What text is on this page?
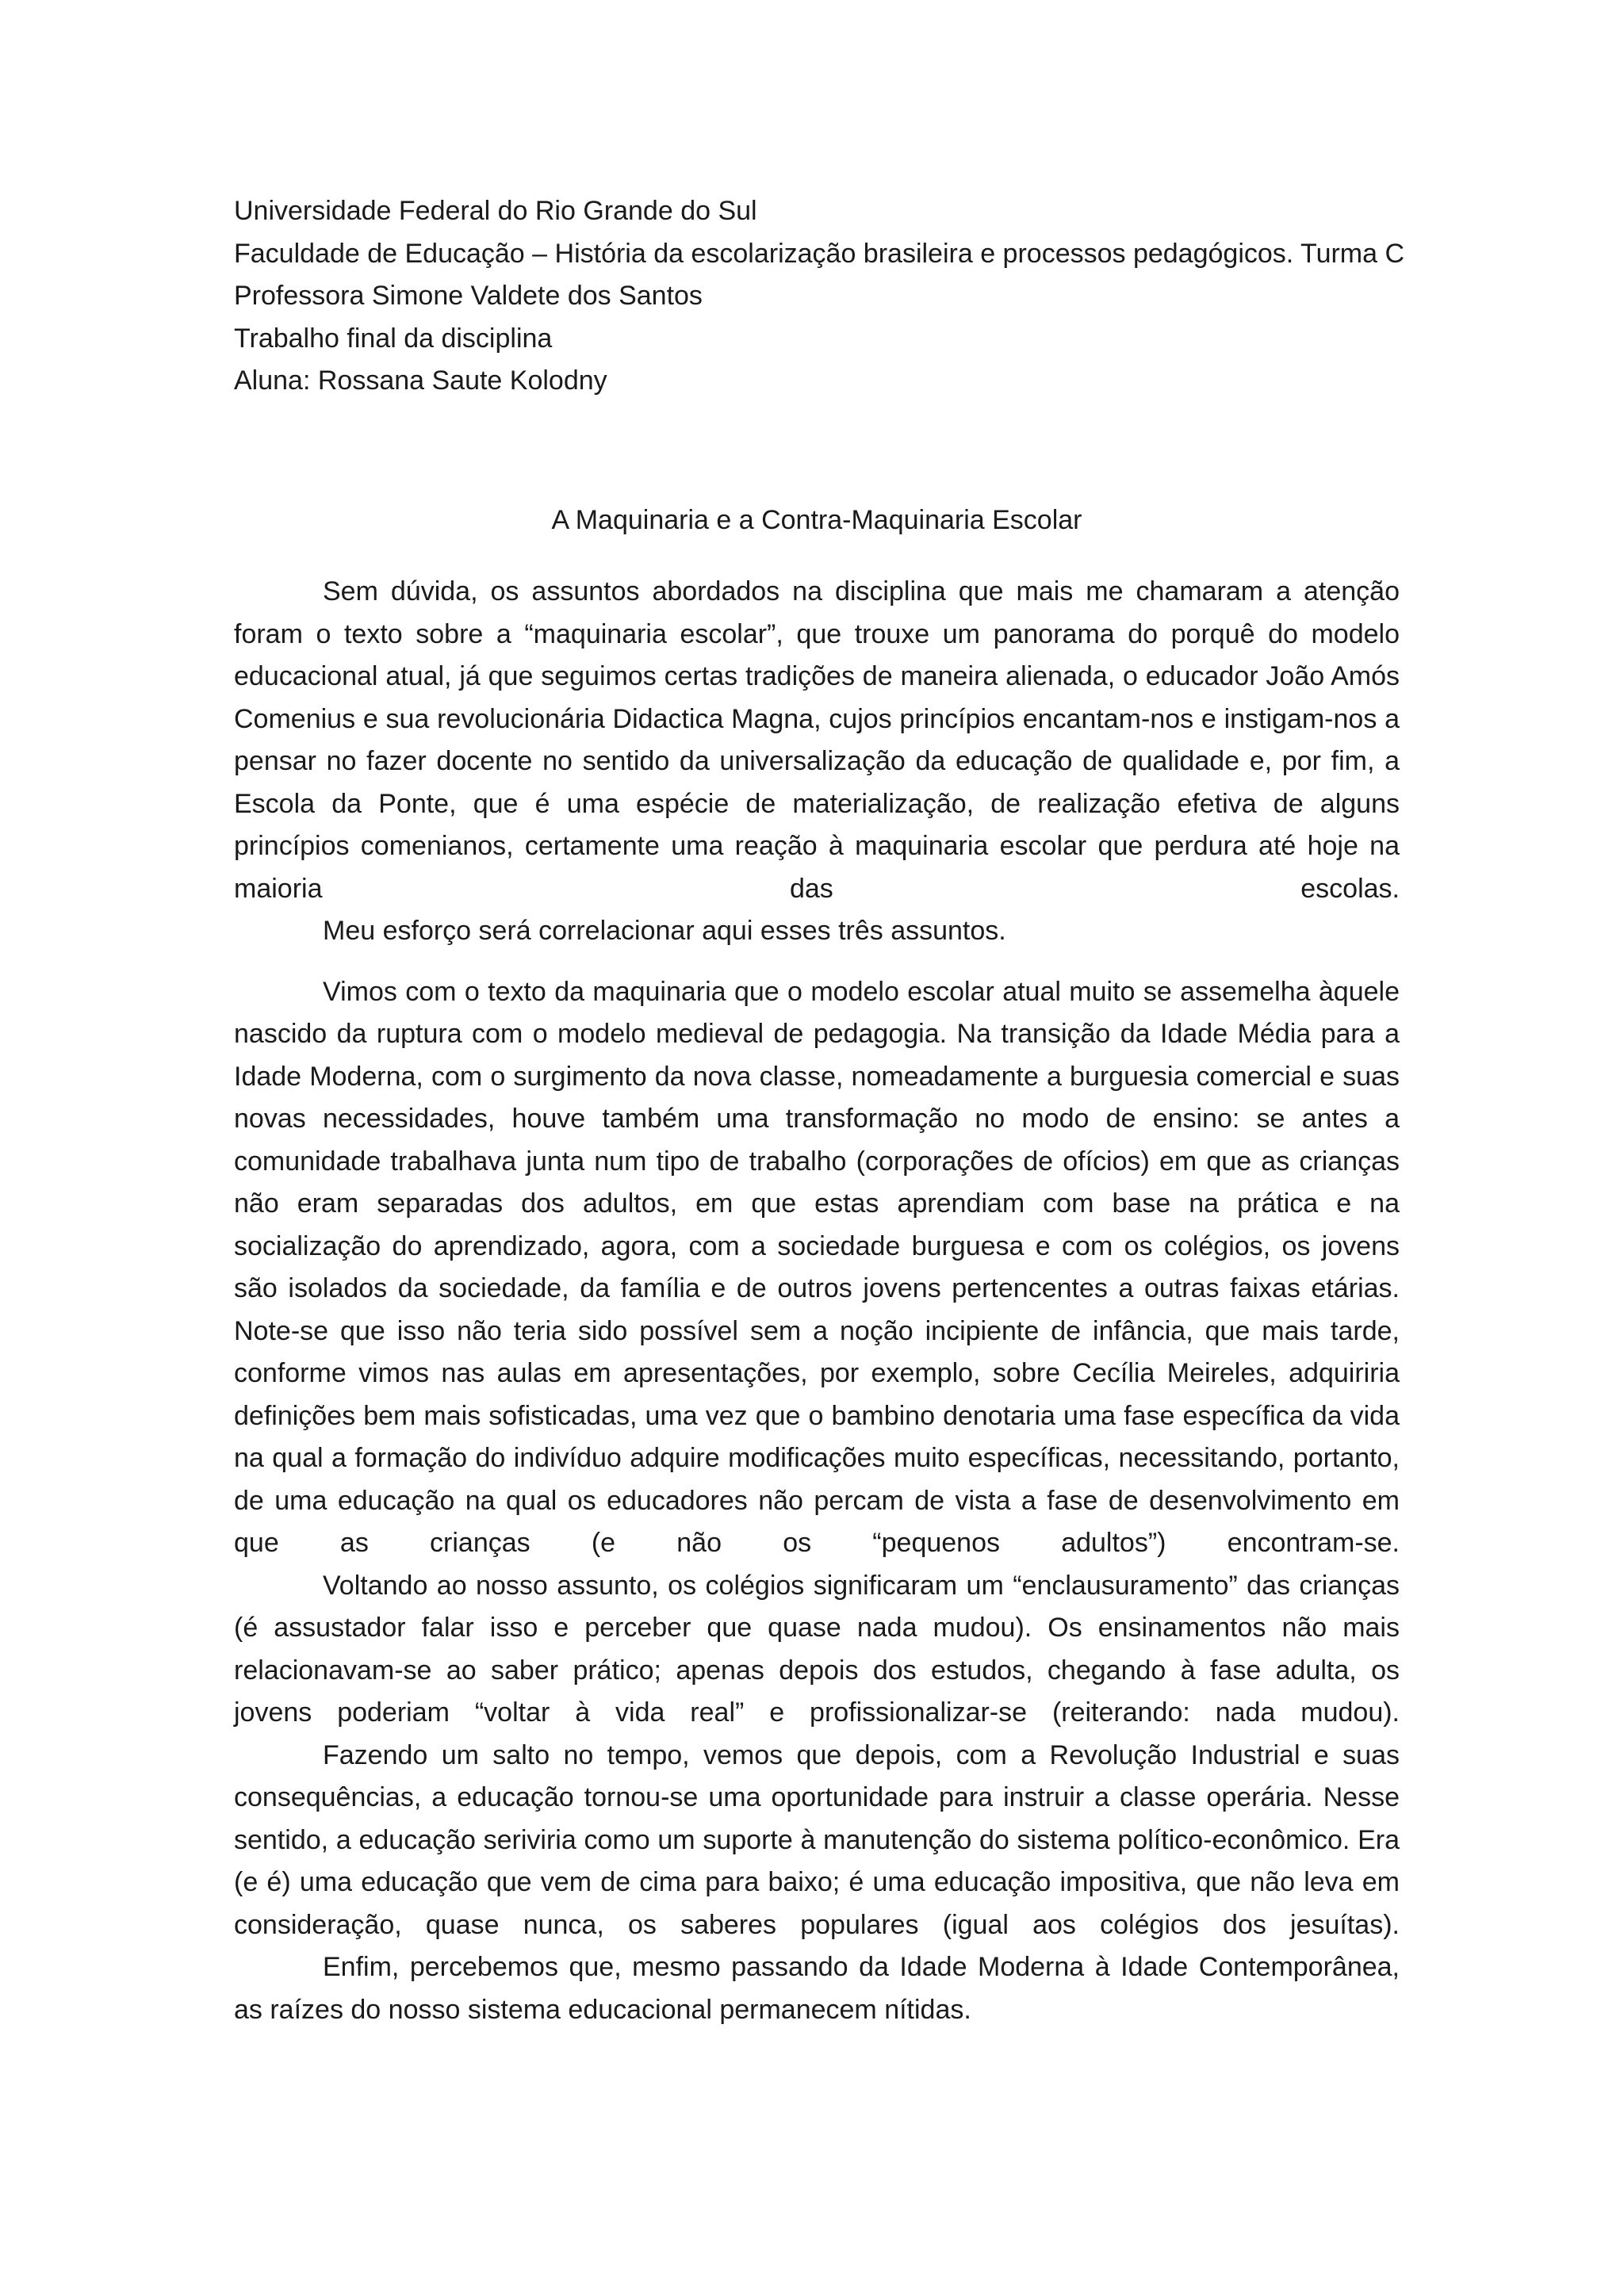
Universidade Federal do Rio Grande do Sul
Faculdade de Educação – História da escolarização brasileira e processos pedagógicos. Turma C
Professora Simone Valdete dos Santos
Trabalho final da disciplina
Aluna: Rossana Saute Kolodny
A Maquinaria e a Contra-Maquinaria Escolar

Sem dúvida, os assuntos abordados na disciplina que mais me chamaram a atenção foram o texto sobre a “maquinaria escolar”, que trouxe um panorama do porquê do modelo educacional atual, já que seguimos certas tradições de maneira alienada, o educador João Amós Comenius e sua revolucionária Didactica Magna, cujos princípios encantam-nos e instigam-nos a pensar no fazer docente no sentido da universalização da educação de qualidade e, por fim, a Escola da Ponte, que é uma espécie de materialização, de realização efetiva de alguns princípios comenianos, certamente uma reação à maquinaria escolar que perdura até hoje na maioria das escolas.

Meu esforço será correlacionar aqui esses três assuntos.

Vimos com o texto da maquinaria que o modelo escolar atual muito se assemelha àquele nascido da ruptura com o modelo medieval de pedagogia. Na transição da Idade Média para a Idade Moderna, com o surgimento da nova classe, nomeadamente a burguesia comercial e suas novas necessidades, houve também uma transformação no modo de ensino: se antes a comunidade trabalhava junta num tipo de trabalho (corporações de ofícios) em que as crianças não eram separadas dos adultos, em que estas aprendiam com base na prática e na socialização do aprendizado, agora, com a sociedade burguesa e com os colégios, os jovens são isolados da sociedade, da família e de outros jovens pertencentes a outras faixas etárias. Note-se que isso não teria sido possível sem a noção incipiente de infância, que mais tarde, conforme vimos nas aulas em apresentações, por exemplo, sobre Cecília Meireles, adquiriria definições bem mais sofisticadas, uma vez que o bambino denotaria uma fase específica da vida na qual a formação do indivíduo adquire modificações muito específicas, necessitando, portanto, de uma educação na qual os educadores não percam de vista a fase de desenvolvimento em que as crianças (e não os “pequenos adultos”) encontram-se.

Voltando ao nosso assunto, os colégios significaram um “enclausuramento” das crianças (é assustador falar isso e perceber que quase nada mudou). Os ensinamentos não mais relacionavam-se ao saber prático; apenas depois dos estudos, chegando à fase adulta, os jovens poderiam “voltar à vida real” e profissionalizar-se (reiterando: nada mudou).

Fazendo um salto no tempo, vemos que depois, com a Revolução Industrial e suas consequências, a educação tornou-se uma oportunidade para instruir a classe operária. Nesse sentido, a educação seriviria como um suporte à manutenção do sistema político-econômico. Era (e é) uma educação que vem de cima para baixo; é uma educação impositiva, que não leva em consideração, quase nunca, os saberes populares (igual aos colégios dos jesuítas).

Enfim, percebemos que, mesmo passando da Idade Moderna à Idade Contemporânea, as raízes do nosso sistema educacional permanecem nítidas.
